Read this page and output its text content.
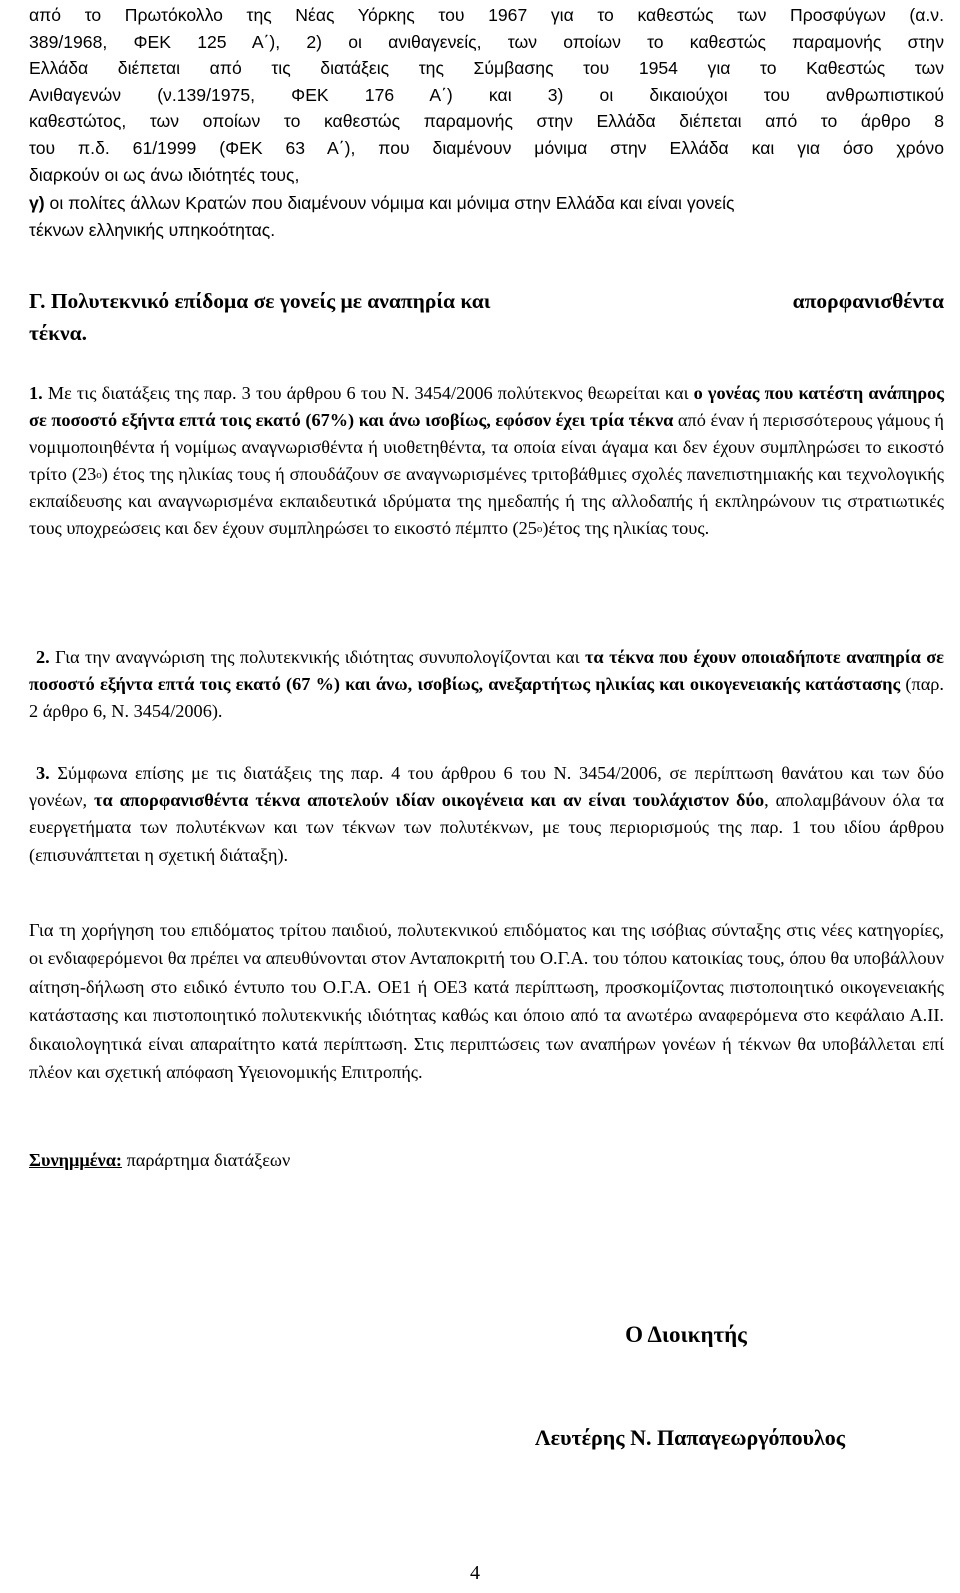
από το Πρωτόκολλο της Νέας Υόρκης του 1967 για το καθεστώς των Προσφύγων (α.ν.

389/1968, ΦΕΚ 125 Α΄), 2) οι ανιθαγενείς, των οποίων το καθεστώς παραμονής στην

Ελλάδα διέπεται από τις διατάξεις της Σύμβασης του 1954 για το Καθεστώς των

Ανιθαγενών (ν.139/1975, ΦΕΚ 176 Α΄) και 3) οι δικαιούχοι του ανθρωπιστικού

καθεστώτος, των οποίων το καθεστώς παραμονής στην Ελλάδα διέπεται από το άρθρο 8

του π.δ. 61/1999 (ΦΕΚ 63 Α΄), που διαμένουν μόνιμα στην Ελλάδα και για όσο χρόνο

διαρκούν οι ως άνω ιδιότητές τους,

γ) οι πολίτες άλλων Κρατών που διαμένουν νόμιμα και μόνιμα στην Ελλάδα και είναι γονείς

τέκνων ελληνικής υπηκοότητας.

Γ. Πολυτεκνικό επίδομα σε γονείς με αναπηρία και	απορφανισθέντα
τέκνα.

1. Με τις διατάξεις της παρ. 3 του άρθρου 6 του Ν. 3454/2006 πολύτεκνος θεωρείται και ο γονέας που κατέστη ανάπηρος σε ποσοστό εξήντα επτά τοις εκατό (67%) και άνω ισοβίως, εφόσον έχει τρία τέκνα από έναν ή περισσότερους γάμους ή νομιμοποιηθέντα ή νομίμως αναγνωρισθέντα ή υιοθετηθέντα, τα οποία είναι άγαμα και δεν έχουν συμπληρώσει το εικοστό τρίτο $(23^o)$ έτος της ηλικίας τους ή σπουδάζουν σε αναγνωρισμένες τριτοβάθμιες σχολές πανεπιστημιακής και τεχνολογικής εκπαίδευσης και αναγνωρισμένα εκπαιδευτικά ιδρύματα της ημεδαπής ή της αλλοδαπής ή εκπληρώνουν τις στρατιωτικές τους υποχρεώσεις και δεν έχουν συμπληρώσει το εικοστό πέμπτο $(25^o)έ\tau o\varsigma$ της ηλικίας τους.

2. Για την αναγνώριση της πολυτεκνικής ιδιότητας συνυπολογίζονται και τα τέκνα που έχουν οποιαδήποτε αναπηρία σε ποσοστό εξήντα επτά τοις εκατό (67 %) και άνω, ισοβίως, ανεξαρτήτως ηλικίας και οικογενειακής κατάστασης (παρ. 2 άρθρο 6, Ν. 3454/2006).

3. Σύμφωνα επίσης με τις διατάξεις της παρ. 4 του άρθρου 6 του Ν. 3454/2006, σε περίπτωση θανάτου και των δύο γονέων, τα απορφανισθέντα τέκνα αποτελούν ιδίαν οικογένεια και αν είναι τουλάχιστον δύο, απολαμβάνουν όλα τα ευεργετήματα των πολυτέκνων και των τέκνων των πολυτέκνων, με τους περιορισμούς της παρ. 1 του ιδίου άρθρου (επισυνάπτεται η σχετική διάταξη).

Για τη χορήγηση του επιδόματος τρίτου παιδιού, πολυτεκνικού επιδόματος και της ισόβιας σύνταξης στις νέες κατηγορίες, οι ενδιαφερόμενοι θα πρέπει να απευθύνονται στον Ανταποκριτή του Ο.Γ.Α. του τόπου κατοικίας τους, όπου θα υποβάλλουν αίτηση-δήλωση στο ειδικό έντυπο του Ο.Γ.Α. ΟΕ1 ή ΟΕ3 κατά περίπτωση, προσκομίζοντας πιστοποιητικό οικογενειακής κατάστασης και πιστοποιητικό πολυτεκνικής ιδιότητας καθώς και όποιο από τα ανωτέρω αναφερόμενα στο κεφάλαιο Α.ΙΙ. δικαιολογητικά είναι απαραίτητο κατά περίπτωση. Στις περιπτώσεις των αναπήρων γονέων ή τέκνων θα υποβάλλεται επί πλέον και σχετική απόφαση Υγειονομικής Επιτροπής.

Συνημμένα: παράρτημα διατάξεων

Ο Διοικητής
Λευτέρης Ν. Παπαγεωργόπουλος
4
